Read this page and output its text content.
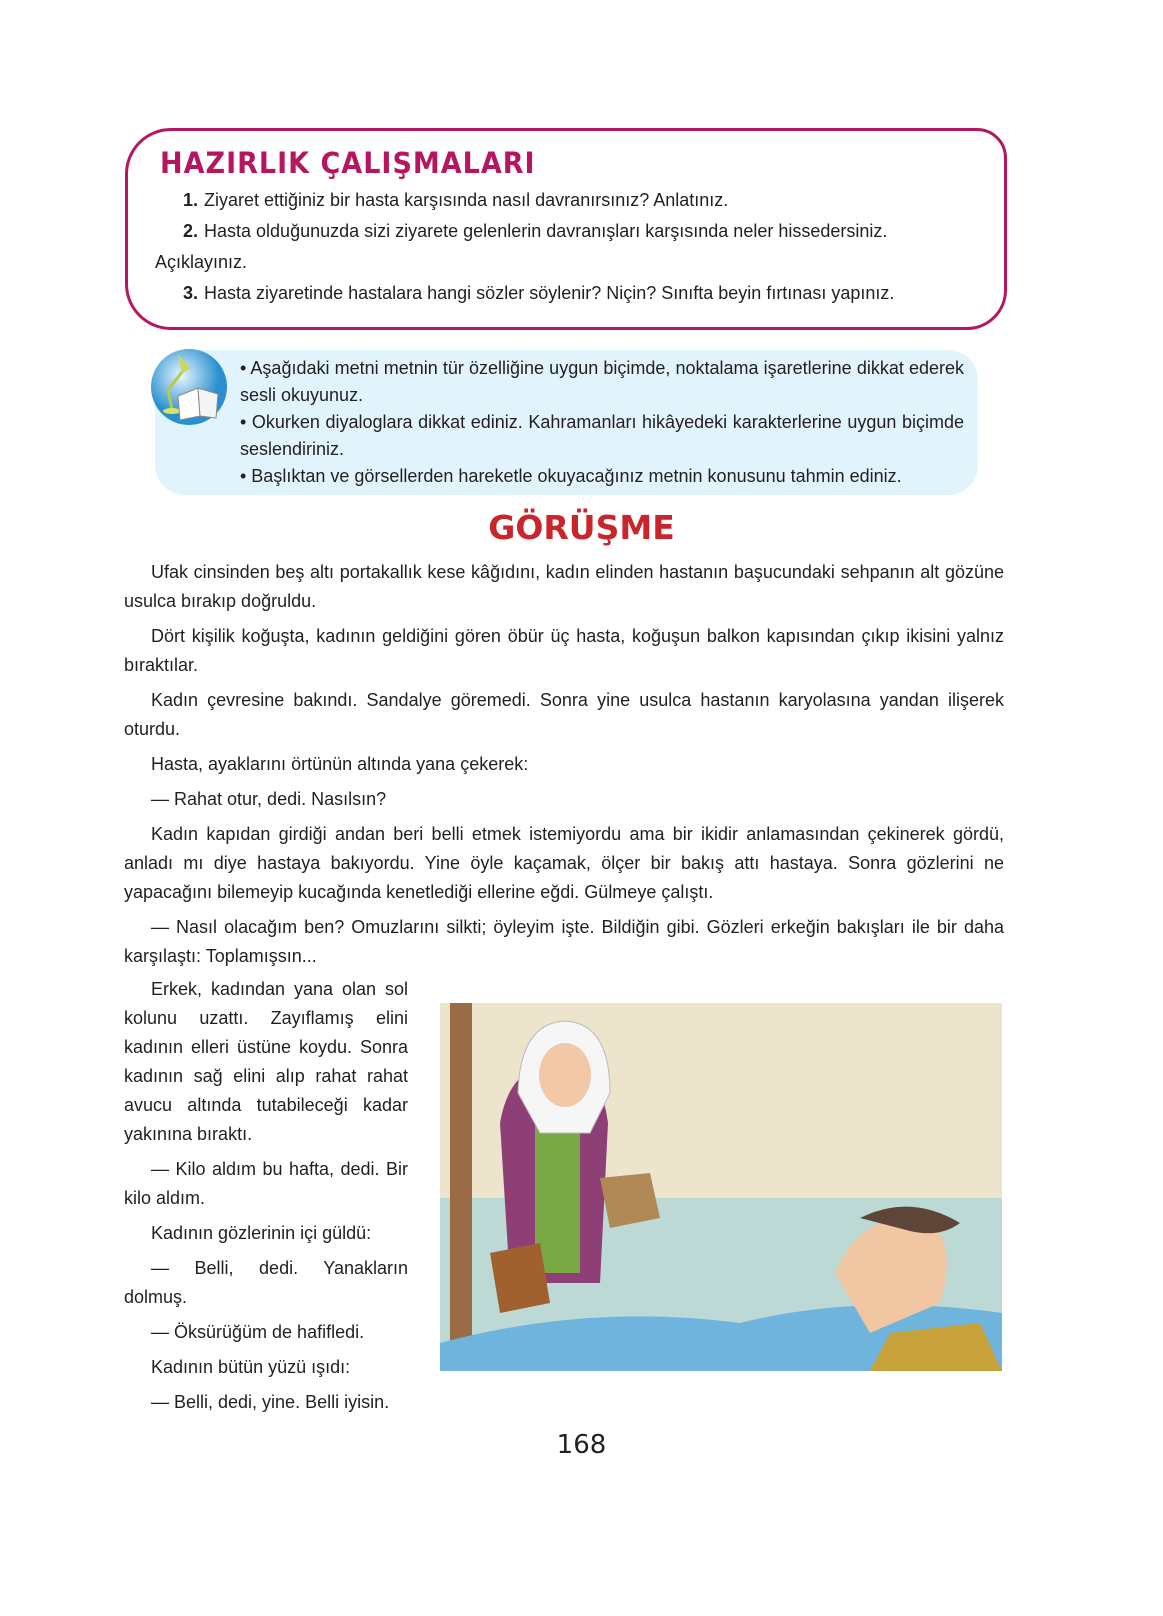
HAZIRLIK ÇALIŞMALARI
1. Ziyaret ettiğiniz bir hasta karşısında nasıl davranırsınız? Anlatınız.
2. Hasta olduğunuzda sizi ziyarete gelenlerin davranışları karşısında neler hissedersiniz.
Açıklayınız.
3. Hasta ziyaretinde hastalara hangi sözler söylenir? Niçin? Sınıfta beyin fırtınası yapınız.
• Aşağıdaki metni metnin tür özelliğine uygun biçimde, noktalama işaretlerine dikkat ederek sesli okuyunuz.
• Okurken diyaloglara dikkat ediniz. Kahramanları hikâyedeki karakterlerine uygun biçimde seslendiriniz.
• Başlıktan ve görsellerden hareketle okuyacağınız metnin konusunu tahmin ediniz.
GÖRÜŞME

Ufak cinsinden beş altı portakallık kese kâğıdını, kadın elinden hastanın başucundaki sehpanın alt gözüne usulca bırakıp doğruldu.

Dört kişilik koğuşta, kadının geldiğini gören öbür üç hasta, koğuşun balkon kapısından çıkıp ikisini yalnız bıraktılar.

Kadın çevresine bakındı. Sandalye göremedi. Sonra yine usulca hastanın karyolasına yandan ilişerek oturdu.

Hasta, ayaklarını örtünün altında yana çekerek:

— Rahat otur, dedi. Nasılsın?

Kadın kapıdan girdiği andan beri belli etmek istemiyordu ama bir ikidir anlamasından çekinerek gördü, anladı mı diye hastaya bakıyordu. Yine öyle kaçamak, ölçer bir bakış attı hastaya. Sonra gözlerini ne yapacağını bilemeyip kucağında kenetlediği ellerine eğdi. Gülmeye çalıştı.

— Nasıl olacağım ben? Omuzlarını silkti; öyleyim işte. Bildiğin gibi. Gözleri erkeğin bakışları ile bir daha karşılaştı: Toplamışsın...

Erkek, kadından yana olan sol kolunu uzattı. Zayıflamış elini kadının elleri üstüne koydu. Sonra kadının sağ elini alıp rahat rahat avucu altında tutabileceği kadar yakınına bıraktı.

— Kilo aldım bu hafta, dedi. Bir kilo aldım.

Kadının gözlerinin içi güldü:

— Belli, dedi. Yanakların dolmuş.

— Öksürüğüm de hafifledi.

Kadının bütün yüzü ışıdı:

— Belli, dedi, yine. Belli iyisin.

168
